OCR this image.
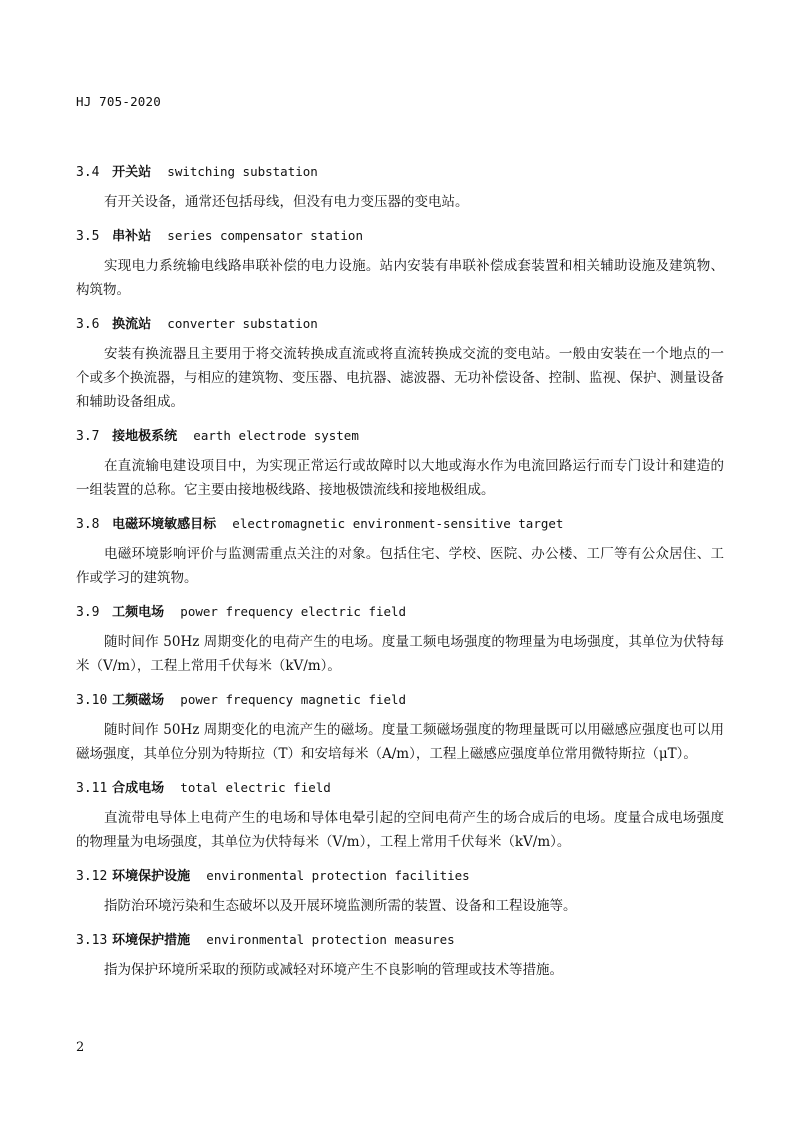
HJ 705-2020
3.4 开关站 switching substation

有开关设备，通常还包括母线，但没有电力变压器的变电站。

3.5 串补站 series compensator station

实现电力系统输电线路串联补偿的电力设施。站内安装有串联补偿成套装置和相关辅助设施及建筑物、构筑物。

3.6 换流站 converter substation

安装有换流器且主要用于将交流转换成直流或将直流转换成交流的变电站。一般由安装在一个地点的一个或多个换流器，与相应的建筑物、变压器、电抗器、滤波器、无功补偿设备、控制、监视、保护、测量设备和辅助设备组成。

3.7 接地极系统 earth electrode system

在直流输电建设项目中，为实现正常运行或故障时以大地或海水作为电流回路运行而专门设计和建造的一组装置的总称。它主要由接地极线路、接地极馈流线和接地极组成。

3.8 电磁环境敏感目标 electromagnetic environment-sensitive target

电磁环境影响评价与监测需重点关注的对象。包括住宅、学校、医院、办公楼、工厂等有公众居住、工作或学习的建筑物。

3.9 工频电场 power frequency electric field

随时间作 50Hz 周期变化的电荷产生的电场。度量工频电场强度的物理量为电场强度，其单位为伏特每米（V/m），工程上常用千伏每米（kV/m）。

3.10 工频磁场 power frequency magnetic field

随时间作 50Hz 周期变化的电流产生的磁场。度量工频磁场强度的物理量既可以用磁感应强度也可以用磁场强度，其单位分别为特斯拉（T）和安培每米（A/m），工程上磁感应强度单位常用微特斯拉（μT）。

3.11 合成电场 total electric field

直流带电导体上电荷产生的电场和导体电晕引起的空间电荷产生的场合成后的电场。度量合成电场强度的物理量为电场强度，其单位为伏特每米（V/m），工程上常用千伏每米（kV/m）。

3.12 环境保护设施 environmental protection facilities

指防治环境污染和生态破坏以及开展环境监测所需的装置、设备和工程设施等。

3.13 环境保护措施 environmental protection measures

指为保护环境所采取的预防或减轻对环境产生不良影响的管理或技术等措施。

2
